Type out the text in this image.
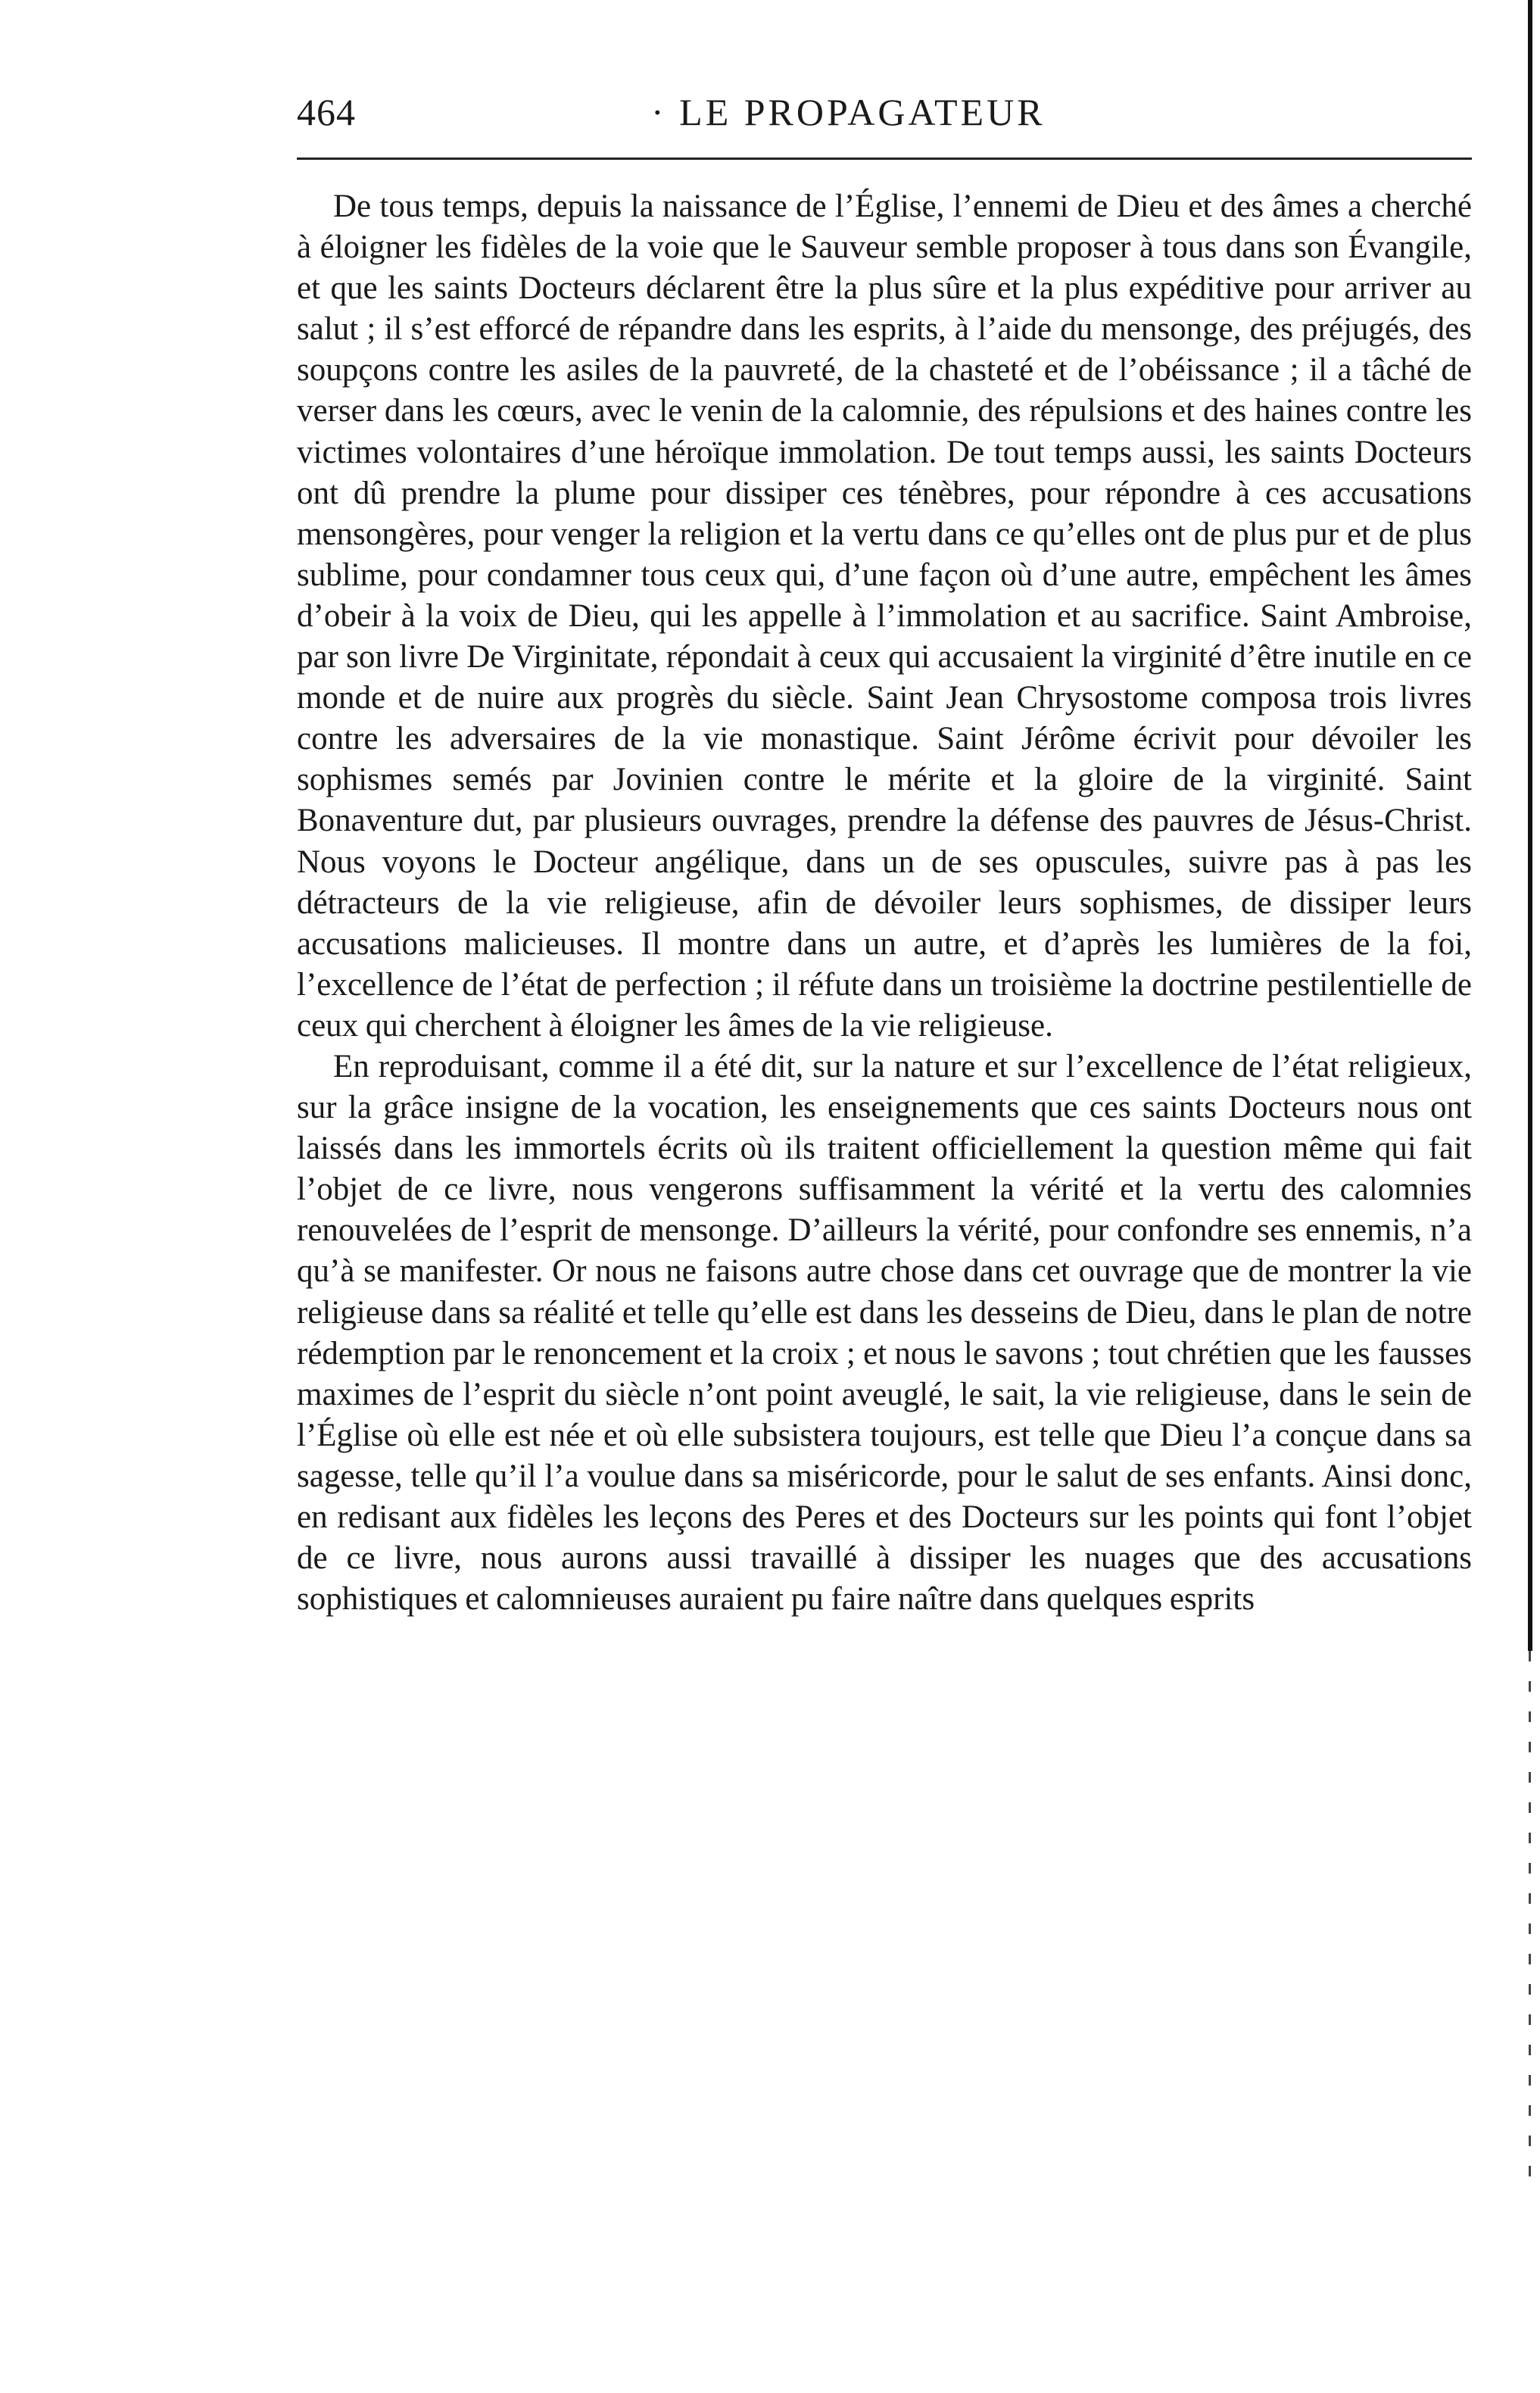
464	· LE PROPAGATEUR

De tous temps, depuis la naissance de l’Église, l’ennemi de Dieu et des âmes a cherché à éloigner les fidèles de la voie que le Sauveur semble proposer à tous dans son Évangile, et que les saints Docteurs déclarent être la plus sûre et la plus expéditive pour arriver au salut ; il s’est efforcé de répandre dans les esprits, à l’aide du mensonge, des préjugés, des soupçons contre les asiles de la pauvreté, de la chasteté et de l’obéissance ; il a tâché de verser dans les cœurs, avec le venin de la calomnie, des répulsions et des haines contre les victimes volontaires d’une héroïque immolation. De tout temps aussi, les saints Docteurs ont dû prendre la plume pour dissiper ces ténèbres, pour répondre à ces accusations mensongères, pour venger la religion et la vertu dans ce qu’elles ont de plus pur et de plus sublime, pour condamner tous ceux qui, d’une façon où d’une autre, empêchent les âmes d’obeir à la voix de Dieu, qui les appelle à l’immolation et au sacrifice. Saint Ambroise, par son livre De Virginitate, répondait à ceux qui accusaient la virginité d’être inutile en ce monde et de nuire aux progrès du siècle. Saint Jean Chrysostome composa trois livres contre les adversaires de la vie monastique. Saint Jérôme écrivit pour dévoiler les sophismes semés par Jovinien contre le mérite et la gloire de la virginité. Saint Bonaventure dut, par plusieurs ouvrages, prendre la défense des pauvres de Jésus-Christ. Nous voyons le Docteur angélique, dans un de ses opuscules, suivre pas à pas les détracteurs de la vie religieuse, afin de dévoiler leurs sophismes, de dissiper leurs accusations malicieuses. Il montre dans un autre, et d’après les lumières de la foi, l’excellence de l’état de perfection ; il réfute dans un troisième la doctrine pestilentielle de ceux qui cherchent à éloigner les âmes de la vie religieuse.

En reproduisant, comme il a été dit, sur la nature et sur l’excellence de l’état religieux, sur la grâce insigne de la vocation, les enseignements que ces saints Docteurs nous ont laissés dans les immortels écrits où ils traitent officiellement la question même qui fait l’objet de ce livre, nous vengerons suffisamment la vérité et la vertu des calomnies renouvelées de l’esprit de mensonge. D’ailleurs la vérité, pour confondre ses ennemis, n’a qu’à se manifester. Or nous ne faisons autre chose dans cet ouvrage que de montrer la vie religieuse dans sa réalité et telle qu’elle est dans les desseins de Dieu, dans le plan de notre rédemption par le renoncement et la croix ; et nous le savons ; tout chrétien que les fausses maximes de l’esprit du siècle n’ont point aveuglé, le sait, la vie religieuse, dans le sein de l’Église où elle est née et où elle subsistera toujours, est telle que Dieu l’a conçue dans sa sagesse, telle qu’il l’a voulue dans sa miséricorde, pour le salut de ses enfants. Ainsi donc, en redisant aux fidèles les leçons des Peres et des Docteurs sur les points qui font l’objet de ce livre, nous aurons aussi travaillé à dissiper les nuages que des accusations sophistiques et calomnieuses auraient pu faire naître dans quelques esprits
